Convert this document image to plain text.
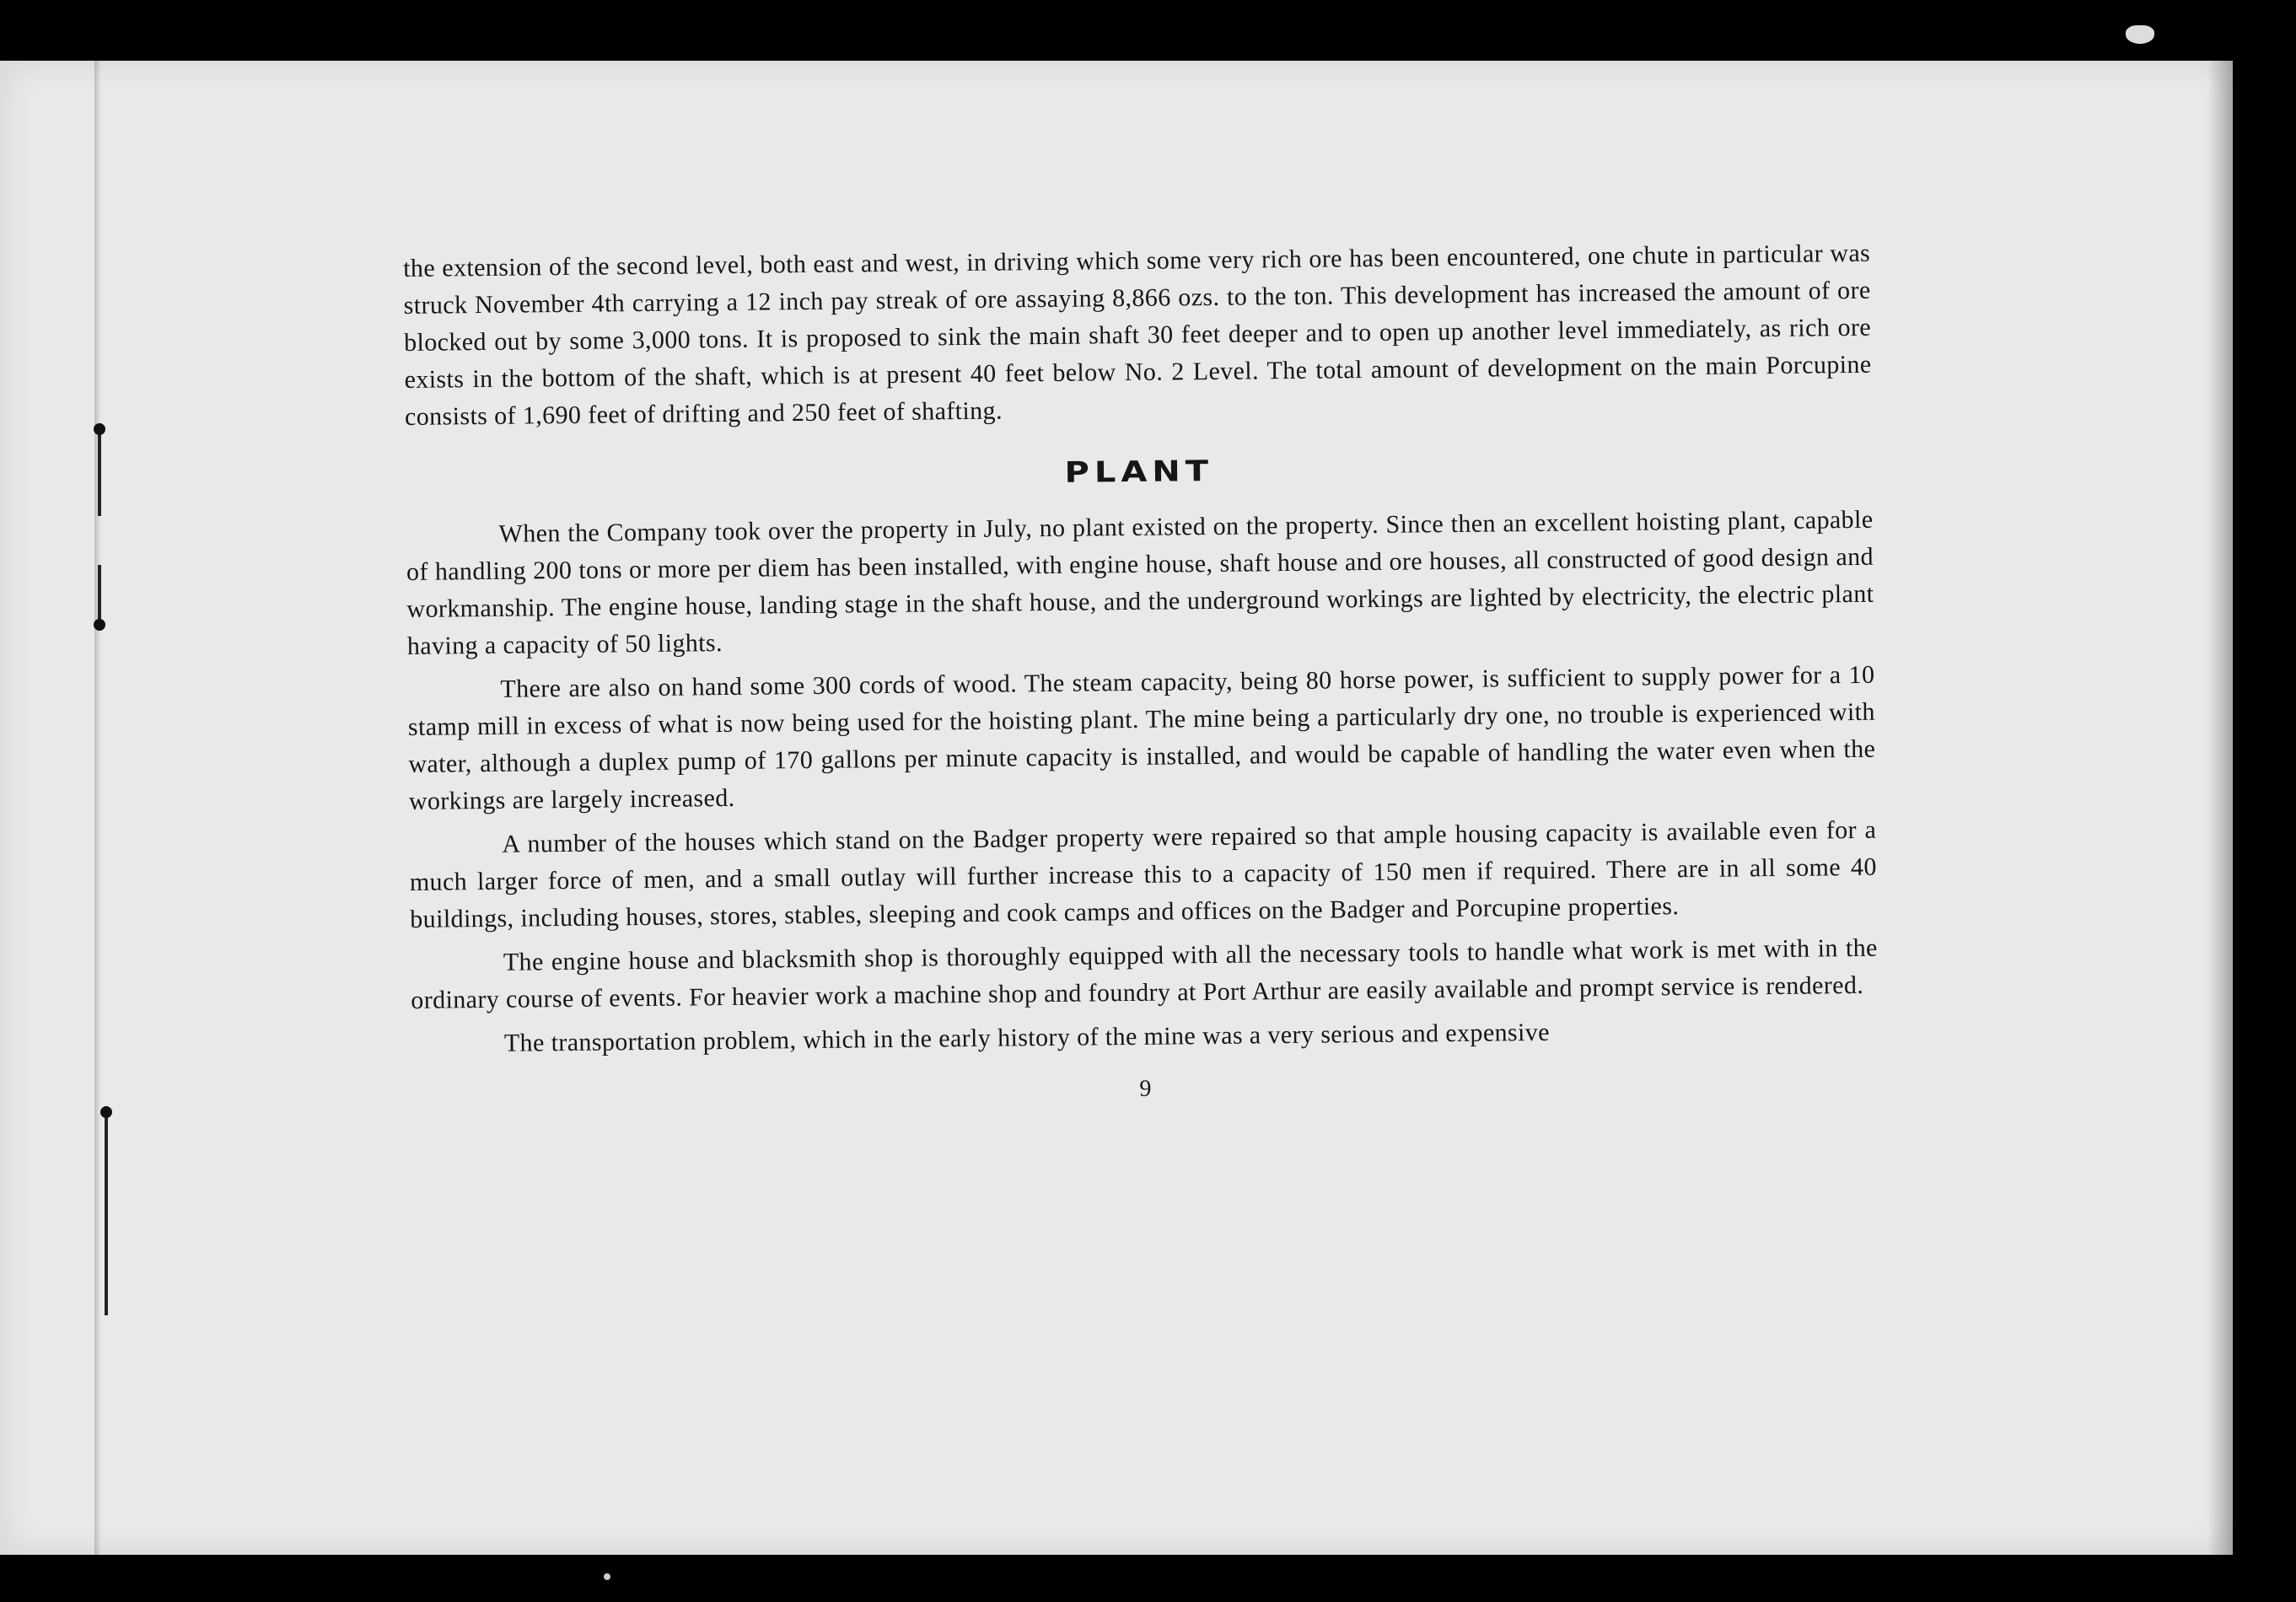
the extension of the second level, both east and west, in driving which some very rich ore has been encountered, one chute in particular was struck November 4th carrying a 12 inch pay streak of ore assaying 8,866 ozs. to the ton. This development has increased the amount of ore blocked out by some 3,000 tons. It is proposed to sink the main shaft 30 feet deeper and to open up another level immediately, as rich ore exists in the bottom of the shaft, which is at present 40 feet below No. 2 Level. The total amount of development on the main Porcupine consists of 1,690 feet of drifting and 250 feet of shafting.

PLANT

When the Company took over the property in July, no plant existed on the property. Since then an excellent hoisting plant, capable of handling 200 tons or more per diem has been installed, with engine house, shaft house and ore houses, all constructed of good design and workmanship. The engine house, landing stage in the shaft house, and the underground workings are lighted by electricity, the electric plant having a capacity of 50 lights.

There are also on hand some 300 cords of wood. The steam capacity, being 80 horse power, is sufficient to supply power for a 10 stamp mill in excess of what is now being used for the hoisting plant. The mine being a particularly dry one, no trouble is experienced with water, although a duplex pump of 170 gallons per minute capacity is installed, and would be capable of handling the water even when the workings are largely increased.

A number of the houses which stand on the Badger property were repaired so that ample housing capacity is available even for a much larger force of men, and a small outlay will further increase this to a capacity of 150 men if required. There are in all some 40 buildings, including houses, stores, stables, sleeping and cook camps and offices on the Badger and Porcupine properties.

The engine house and blacksmith shop is thoroughly equipped with all the necessary tools to handle what work is met with in the ordinary course of events. For heavier work a machine shop and foundry at Port Arthur are easily available and prompt service is rendered.

The transportation problem, which in the early history of the mine was a very serious and expensive

9
